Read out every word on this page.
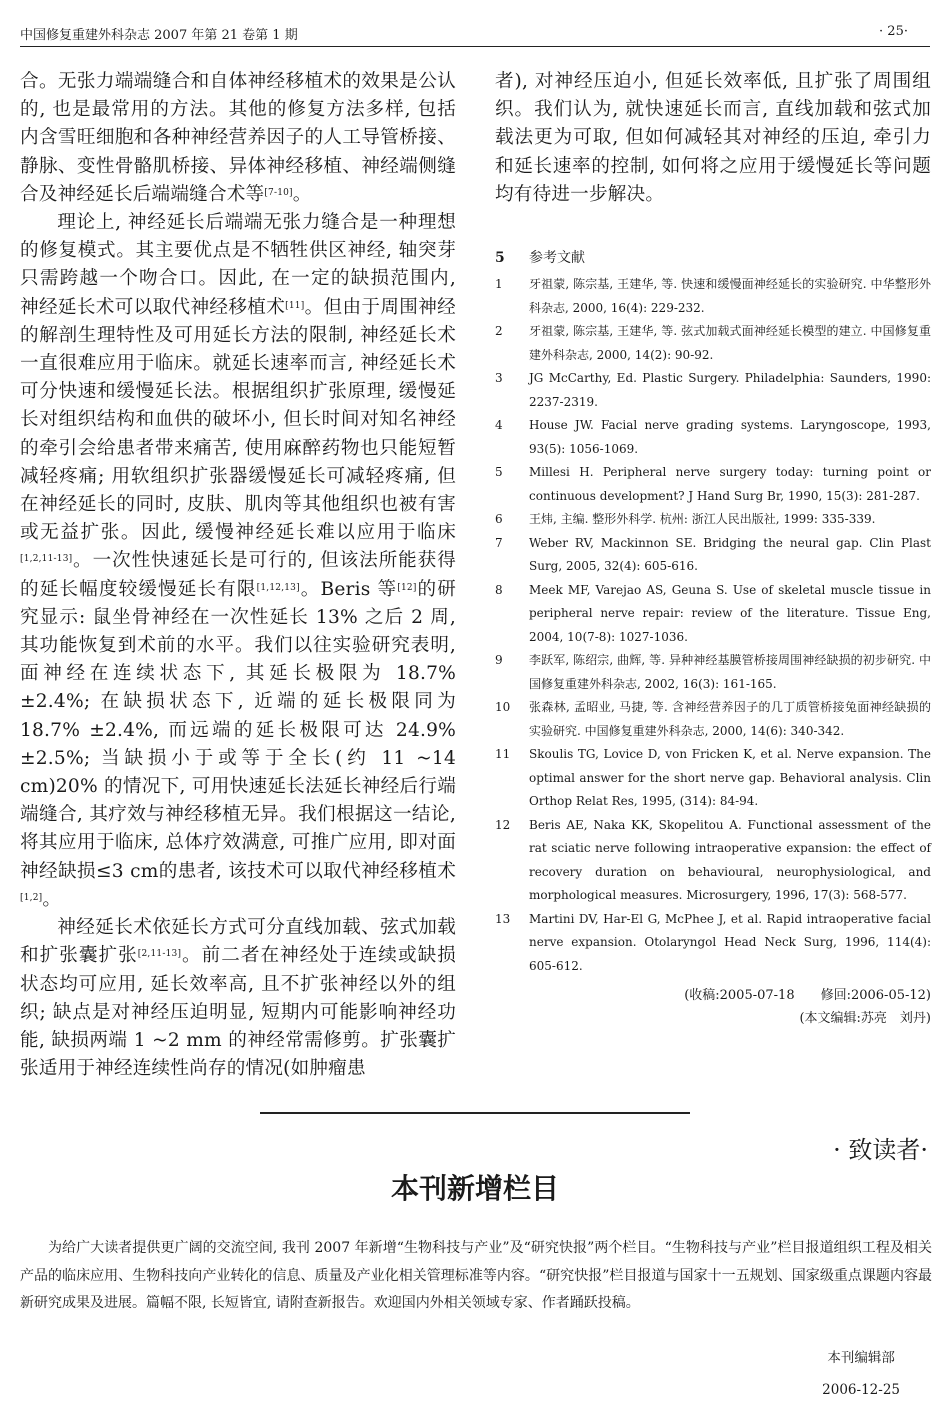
中国修复重建外科杂志 2007 年第 21 卷第 1 期	· 25·

合。无张力端端缝合和自体神经移植术的效果是公认的, 也是最常用的方法。其他的修复方法多样, 包括内含雪旺细胞和各种神经营养因子的人工导管桥接、静脉、变性骨骼肌桥接、异体神经移植、神经端侧缝合及神经延长后端端缝合术等[7-10]。

理论上, 神经延长后端端无张力缝合是一种理想的修复模式。其主要优点是不牺牲供区神经, 轴突芽只需跨越一个吻合口。因此, 在一定的缺损范围内, 神经延长术可以取代神经移植术[11]。但由于周围神经的解剖生理特性及可用延长方法的限制, 神经延长术一直很难应用于临床。就延长速率而言, 神经延长术可分快速和缓慢延长法。根据组织扩张原理, 缓慢延长对组织结构和血供的破坏小, 但长时间对知名神经的牵引会给患者带来痛苦, 使用麻醉药物也只能短暂减轻疼痛; 用软组织扩张器缓慢延长可减轻疼痛, 但在神经延长的同时, 皮肤、肌肉等其他组织也被有害或无益扩张。因此, 缓慢神经延长难以应用于临床[1,2,11-13]。一次性快速延长是可行的, 但该法所能获得的延长幅度较缓慢延长有限[1,12,13]。Beris 等[12]的研究显示: 鼠坐骨神经在一次性延长 13% 之后 2 周, 其功能恢复到术前的水平。我们以往实验研究表明, 面神经在连续状态下, 其延长极限为 18.7% ±2.4%; 在缺损状态下, 近端的延长极限同为 18.7% ±2.4%, 而远端的延长极限可达 24.9% ±2.5%; 当缺损小于或等于全长(约 11 ~14 cm)20% 的情况下, 可用快速延长法延长神经后行端端缝合, 其疗效与神经移植无异。我们根据这一结论, 将其应用于临床, 总体疗效满意, 可推广应用, 即对面神经缺损≤3 cm的患者, 该技术可以取代神经移植术[1,2]。

神经延长术依延长方式可分直线加载、弦式加载和扩张囊扩张[2,11-13]。前二者在神经处于连续或缺损状态均可应用, 延长效率高, 且不扩张神经以外的组织; 缺点是对神经压迫明显, 短期内可能影响神经功能, 缺损两端 1 ~2 mm 的神经常需修剪。扩张囊扩张适用于神经连续性尚存的情况(如肿瘤患

者), 对神经压迫小, 但延长效率低, 且扩张了周围组织。我们认为, 就快速延长而言, 直线加载和弦式加载法更为可取, 但如何减轻其对神经的压迫, 牵引力和延长速率的控制, 如何将之应用于缓慢延长等问题均有待进一步解决。

5 参考文献
1	牙祖蒙, 陈宗基, 王建华, 等. 快速和缓慢面神经延长的实验研究. 中华整形外科杂志, 2000, 16(4): 229-232.
2	牙祖蒙, 陈宗基, 王建华, 等. 弦式加载式面神经延长模型的建立. 中国修复重建外科杂志, 2000, 14(2): 90-92.
3	JG McCarthy, Ed. Plastic Surgery. Philadelphia: Saunders, 1990: 2237-2319.
4	House JW. Facial nerve grading systems. Laryngoscope, 1993, 93(5): 1056-1069.
5	Millesi H. Peripheral nerve surgery today: turning point or continuous development? J Hand Surg Br, 1990, 15(3): 281-287.
6	王炜, 主编. 整形外科学. 杭州: 浙江人民出版社, 1999: 335-339.
7	Weber RV, Mackinnon SE. Bridging the neural gap. Clin Plast Surg, 2005, 32(4): 605-616.
8	Meek MF, Varejao AS, Geuna S. Use of skeletal muscle tissue in peripheral nerve repair: review of the literature. Tissue Eng, 2004, 10(7-8): 1027-1036.
9	李跃军, 陈绍宗, 曲辉, 等. 异种神经基膜管桥接周围神经缺损的初步研究. 中国修复重建外科杂志, 2002, 16(3): 161-165.
10	张森林, 孟昭业, 马捷, 等. 含神经营养因子的几丁质管桥接兔面神经缺损的实验研究. 中国修复重建外科杂志, 2000, 14(6): 340-342.
11	Skoulis TG, Lovice D, von Fricken K, et al. Nerve expansion. The optimal answer for the short nerve gap. Behavioral analysis. Clin Orthop Relat Res, 1995, (314): 84-94.
12	Beris AE, Naka KK, Skopelitou A. Functional assessment of the rat sciatic nerve following intraoperative expansion: the effect of recovery duration on behavioural, neurophysiological, and morphological measures. Microsurgery, 1996, 17(3): 568-577.
13	Martini DV, Har-El G, McPhee J, et al. Rapid intraoperative facial nerve expansion. Otolaryngol Head Neck Surg, 1996, 114(4): 605-612.
(收稿:2005-07-18　　修回:2006-05-12)
(本文编辑:苏亮　刘丹)
· 致读者·
本刊新增栏目

为给广大读者提供更广阔的交流空间, 我刊 2007 年新增“生物科技与产业”及“研究快报”两个栏目。“生物科技与产业”栏目报道组织工程及相关产品的临床应用、生物科技向产业转化的信息、质量及产业化相关管理标准等内容。“研究快报”栏目报道与国家十一五规划、国家级重点课题内容最新研究成果及进展。篇幅不限, 长短皆宜, 请附查新报告。欢迎国内外相关领域专家、作者踊跃投稿。

本刊编辑部
2006-12-25
